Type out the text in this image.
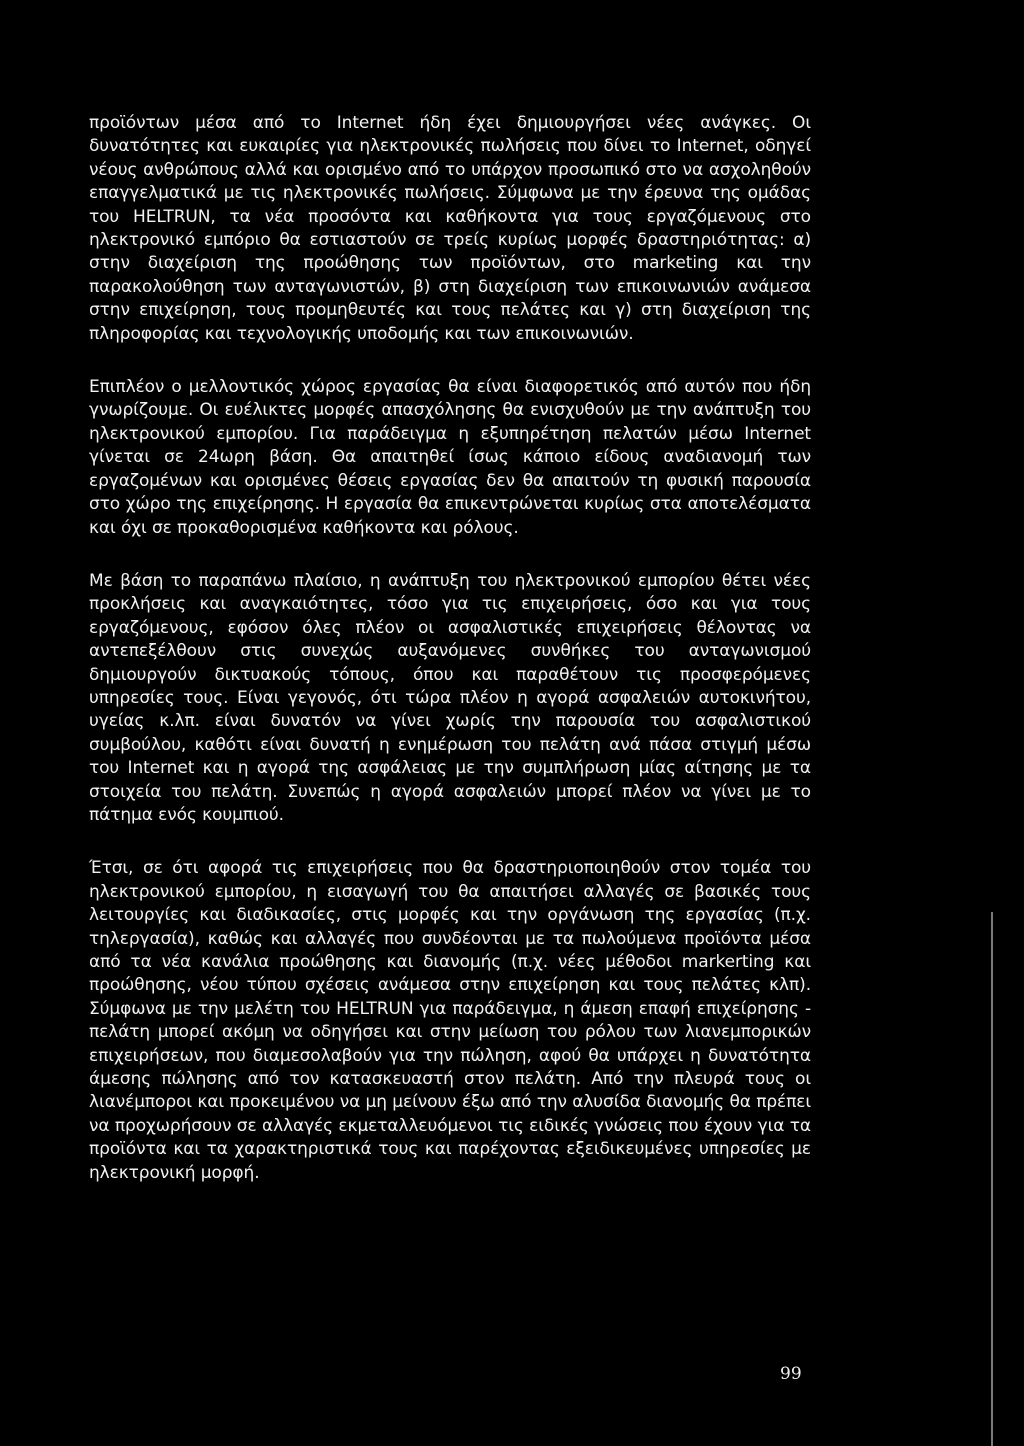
προϊόντων μέσα από το Internet ήδη έχει δημιουργήσει νέες ανάγκες. Οι δυνατότητες και ευκαιρίες για ηλεκτρονικές πωλήσεις που δίνει το Internet, οδηγεί νέους ανθρώπους αλλά και ορισμένο από το υπάρχον προσωπικό στο να ασχοληθούν επαγγελματικά με τις ηλεκτρονικές πωλήσεις. Σύμφωνα με την έρευνα της ομάδας του HELTRUN, τα νέα προσόντα και καθήκοντα για τους εργαζόμενους στο ηλεκτρονικό εμπόριο θα εστιαστούν σε τρείς κυρίως μορφές δραστηριότητας: α) στην διαχείριση της προώθησης των προϊόντων, στο marketing και την παρακολούθηση των ανταγωνιστών, β) στη διαχείριση των επικοινωνιών ανάμεσα στην επιχείρηση, τους προμηθευτές και τους πελάτες και γ) στη διαχείριση της πληροφορίας και τεχνολογικής υποδομής και των επικοινωνιών.

Επιπλέον ο μελλοντικός χώρος εργασίας θα είναι διαφορετικός από αυτόν που ήδη γνωρίζουμε. Οι ευέλικτες μορφές απασχόλησης θα ενισχυθούν με την ανάπτυξη του ηλεκτρονικού εμπορίου. Για παράδειγμα η εξυπηρέτηση πελατών μέσω Internet γίνεται σε 24ωρη βάση. Θα απαιτηθεί ίσως κάποιο είδους αναδιανομή των εργαζομένων και ορισμένες θέσεις εργασίας δεν θα απαιτούν τη φυσική παρουσία στο χώρο της επιχείρησης. Η εργασία θα επικεντρώνεται κυρίως στα αποτελέσματα και όχι σε προκαθορισμένα καθήκοντα και ρόλους.

Με βάση το παραπάνω πλαίσιο, η ανάπτυξη του ηλεκτρονικού εμπορίου θέτει νέες προκλήσεις και αναγκαιότητες, τόσο για τις επιχειρήσεις, όσο και για τους εργαζόμενους, εφόσον όλες πλέον οι ασφαλιστικές επιχειρήσεις θέλοντας να αντεπεξέλθουν στις συνεχώς αυξανόμενες συνθήκες του ανταγωνισμού δημιουργούν δικτυακούς τόπους, όπου και παραθέτουν τις προσφερόμενες υπηρεσίες τους. Είναι γεγονός, ότι τώρα πλέον η αγορά ασφαλειών αυτοκινήτου, υγείας κ.λπ. είναι δυνατόν να γίνει χωρίς την παρουσία του ασφαλιστικού συμβούλου, καθότι είναι δυνατή η ενημέρωση του πελάτη ανά πάσα στιγμή μέσω του Internet και η αγορά της ασφάλειας με την συμπλήρωση μίας αίτησης με τα στοιχεία του πελάτη. Συνεπώς η αγορά ασφαλειών μπορεί πλέον να γίνει με το πάτημα ενός κουμπιού.

Έτσι, σε ότι αφορά τις επιχειρήσεις που θα δραστηριοποιηθούν στον τομέα του ηλεκτρονικού εμπορίου, η εισαγωγή του θα απαιτήσει αλλαγές σε βασικές τους λειτουργίες και διαδικασίες, στις μορφές και την οργάνωση της εργασίας (π.χ. τηλεργασία), καθώς και αλλαγές που συνδέονται με τα πωλούμενα προϊόντα μέσα από τα νέα κανάλια προώθησης και διανομής (π.χ. νέες μέθοδοι markerting και προώθησης, νέου τύπου σχέσεις ανάμεσα στην επιχείρηση και τους πελάτες κλπ). Σύμφωνα με την μελέτη του HELTRUN για παράδειγμα, η άμεση επαφή επιχείρησης - πελάτη μπορεί ακόμη να οδηγήσει και στην μείωση του ρόλου των λιανεμπορικών επιχειρήσεων, που διαμεσολαβούν για την πώληση, αφού θα υπάρχει η δυνατότητα άμεσης πώλησης από τον κατασκευαστή στον πελάτη. Από την πλευρά τους οι λιανέμποροι και προκειμένου να μη μείνουν έξω από την αλυσίδα διανομής θα πρέπει να προχωρήσουν σε αλλαγές εκμεταλλευόμενοι τις ειδικές γνώσεις που έχουν για τα προϊόντα και τα χαρακτηριστικά τους και παρέχοντας εξειδικευμένες υπηρεσίες με ηλεκτρονική μορφή.

99
